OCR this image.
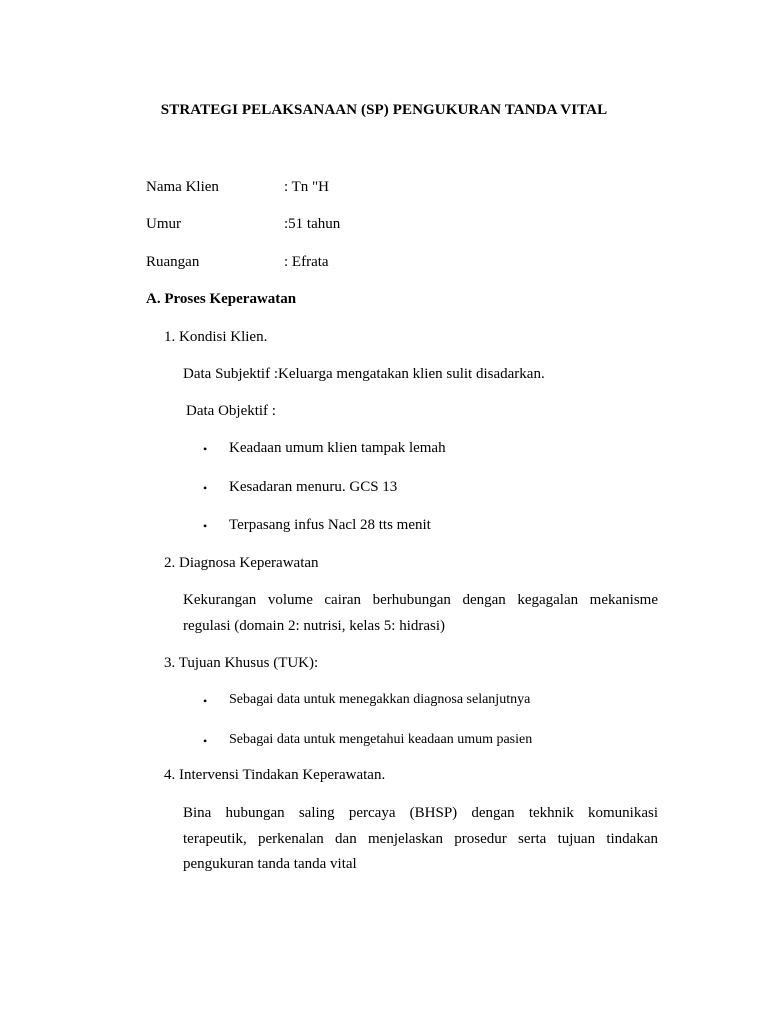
STRATEGI PELAKSANAAN (SP) PENGUKURAN TANDA VITAL
Nama Klien	: Tn "H
Umur	:51 tahun
Ruangan	: Efrata
A. Proses Keperawatan
1. Kondisi Klien.
Data Subjektif :Keluarga mengatakan klien sulit disadarkan.
Data Objektif :
• Keadaan umum klien tampak lemah
• Kesadaran menuru. GCS 13
• Terpasang infus Nacl 28 tts menit
2. Diagnosa Keperawatan
Kekurangan volume cairan berhubungan dengan kegagalan mekanisme
regulasi (domain 2: nutrisi, kelas 5: hidrasi)
3. Tujuan Khusus (TUK):
• Sebagai data untuk menegakkan diagnosa selanjutnya
• Sebagai data untuk mengetahui keadaan umum pasien
4. Intervensi Tindakan Keperawatan.
Bina hubungan saling percaya (BHSP) dengan tekhnik komunikasi
terapeutik, perkenalan dan menjelaskan prosedur serta tujuan tindakan
pengukuran tanda tanda vital
